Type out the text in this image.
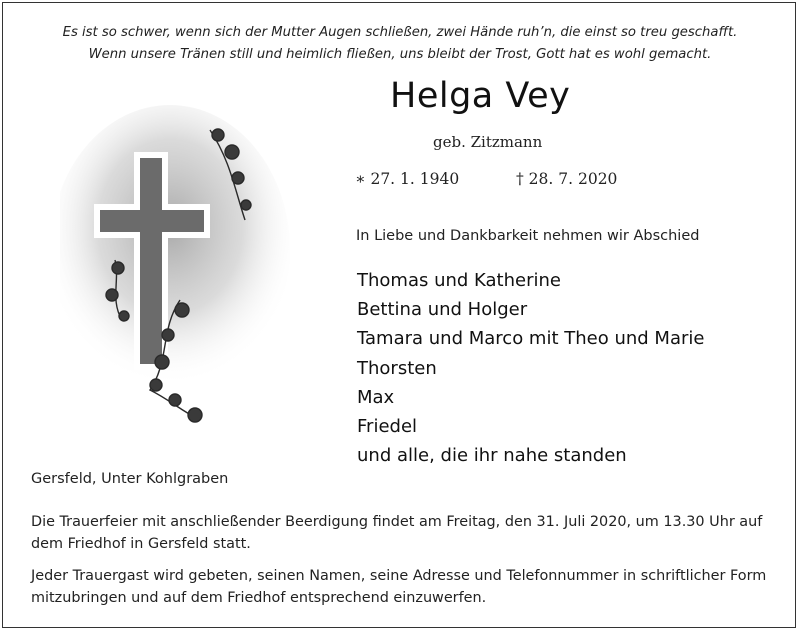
Es ist so schwer, wenn sich der Mutter Augen schließen, zwei Hände ruh’n, die einst so treu geschafft.
Wenn unsere Tränen still und heimlich fließen, uns bleibt der Trost, Gott hat es wohl gemacht.
Helga Vey
geb. Zitzmann
∗ 27. 1. 1940	† 28. 7. 2020
In Liebe und Dankbarkeit nehmen wir Abschied
Thomas und Katherine
Bettina und Holger
Tamara und Marco mit Theo und Marie
Thorsten
Max
Friedel
und alle, die ihr nahe standen
Gersfeld, Unter Kohlgraben
Die Trauerfeier mit anschließender Beerdigung findet am Freitag, den 31. Juli 2020, um 13.30 Uhr auf dem Friedhof in Gersfeld statt.
Jeder Trauergast wird gebeten, seinen Namen, seine Adresse und Telefonnummer in schriftlicher Form mitzubringen und auf dem Friedhof entsprechend einzuwerfen.
